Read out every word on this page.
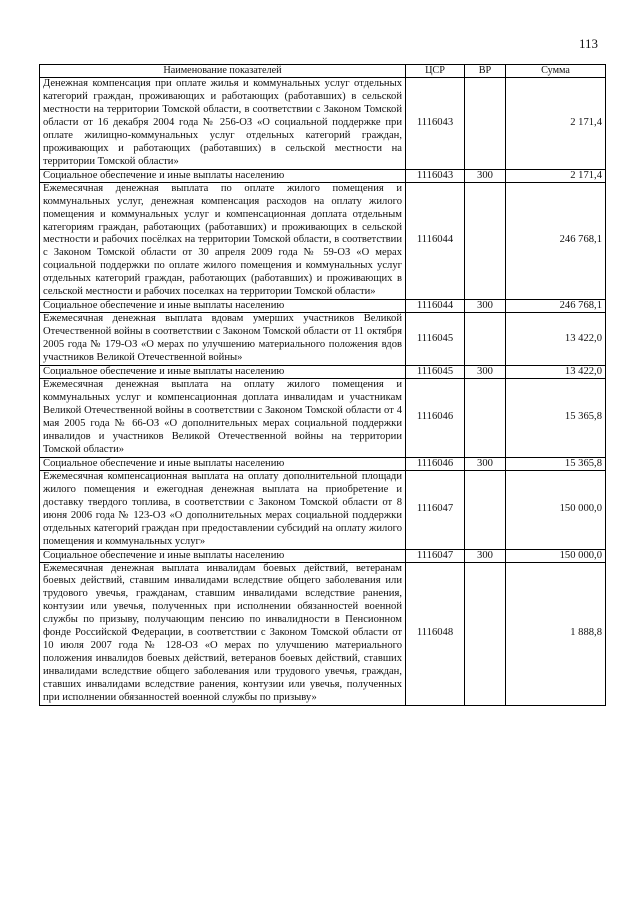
113
Наименование показателей	ЦСР	ВР	Сумма
Денежная компенсация при оплате жилья и коммунальных услуг отдельных категорий граждан, проживающих и работающих (работавших) в сельской местности на территории Томской области, в соответствии с Законом Томской области от 16 декабря 2004 года № 256-ОЗ «О социальной поддержке при оплате жилищно-коммунальных услуг отдельных категорий граждан, проживающих и работающих (работавших) в сельской местности на территории Томской области»	1116043		2 171,4
Социальное обеспечение и иные выплаты населению	1116043	300	2 171,4
Ежемесячная денежная выплата по оплате жилого помещения и коммунальных услуг, денежная компенсация расходов на оплату жилого помещения и коммунальных услуг и компенсационная доплата отдельным категориям граждан, работающих (работавших) и проживающих в сельской местности и рабочих посёлках на территории Томской области, в соответствии с Законом Томской области от 30 апреля 2009 года № 59-ОЗ «О мерах социальной поддержки по оплате жилого помещения и коммунальных услуг отдельных категорий граждан, работающих (работавших) и проживающих в сельской местности и рабочих поселках на территории Томской области»	1116044		246 768,1
Социальное обеспечение и иные выплаты населению	1116044	300	246 768,1
Ежемесячная денежная выплата вдовам умерших участников Великой Отечественной войны в соответствии с Законом Томской области от 11 октября 2005 года № 179-ОЗ «О мерах по улучшению материального положения вдов участников Великой Отечественной войны»	1116045		13 422,0
Социальное обеспечение и иные выплаты населению	1116045	300	13 422,0
Ежемесячная денежная выплата на оплату жилого помещения и коммунальных услуг и компенсационная доплата инвалидам и участникам Великой Отечественной войны в соответствии с Законом Томской области от 4 мая 2005 года № 66-ОЗ «О дополнительных мерах социальной поддержки инвалидов и участников Великой Отечественной войны на территории Томской области»	1116046		15 365,8
Социальное обеспечение и иные выплаты населению	1116046	300	15 365,8
Ежемесячная компенсационная выплата на оплату дополнительной площади жилого помещения и ежегодная денежная выплата на приобретение и доставку твердого топлива, в соответствии с Законом Томской области от 8 июня 2006 года № 123-ОЗ «О дополнительных мерах социальной поддержки отдельных категорий граждан при предоставлении субсидий на оплату жилого помещения и коммунальных услуг»	1116047		150 000,0
Социальное обеспечение и иные выплаты населению	1116047	300	150 000,0
Ежемесячная денежная выплата инвалидам боевых действий, ветеранам боевых действий, ставшим инвалидами вследствие общего заболевания или трудового увечья, гражданам, ставшим инвалидами вследствие ранения, контузии или увечья, полученных при исполнении обязанностей военной службы по призыву, получающим пенсию по инвалидности в Пенсионном фонде Российской Федерации, в соответствии с Законом Томской области от 10 июля 2007 года № 128-ОЗ «О мерах по улучшению материального положения инвалидов боевых действий, ветеранов боевых действий, ставших инвалидами вследствие общего заболевания или трудового увечья, граждан, ставших инвалидами вследствие ранения, контузии или увечья, полученных при исполнении обязанностей военной службы по призыву»	1116048		1 888,8
